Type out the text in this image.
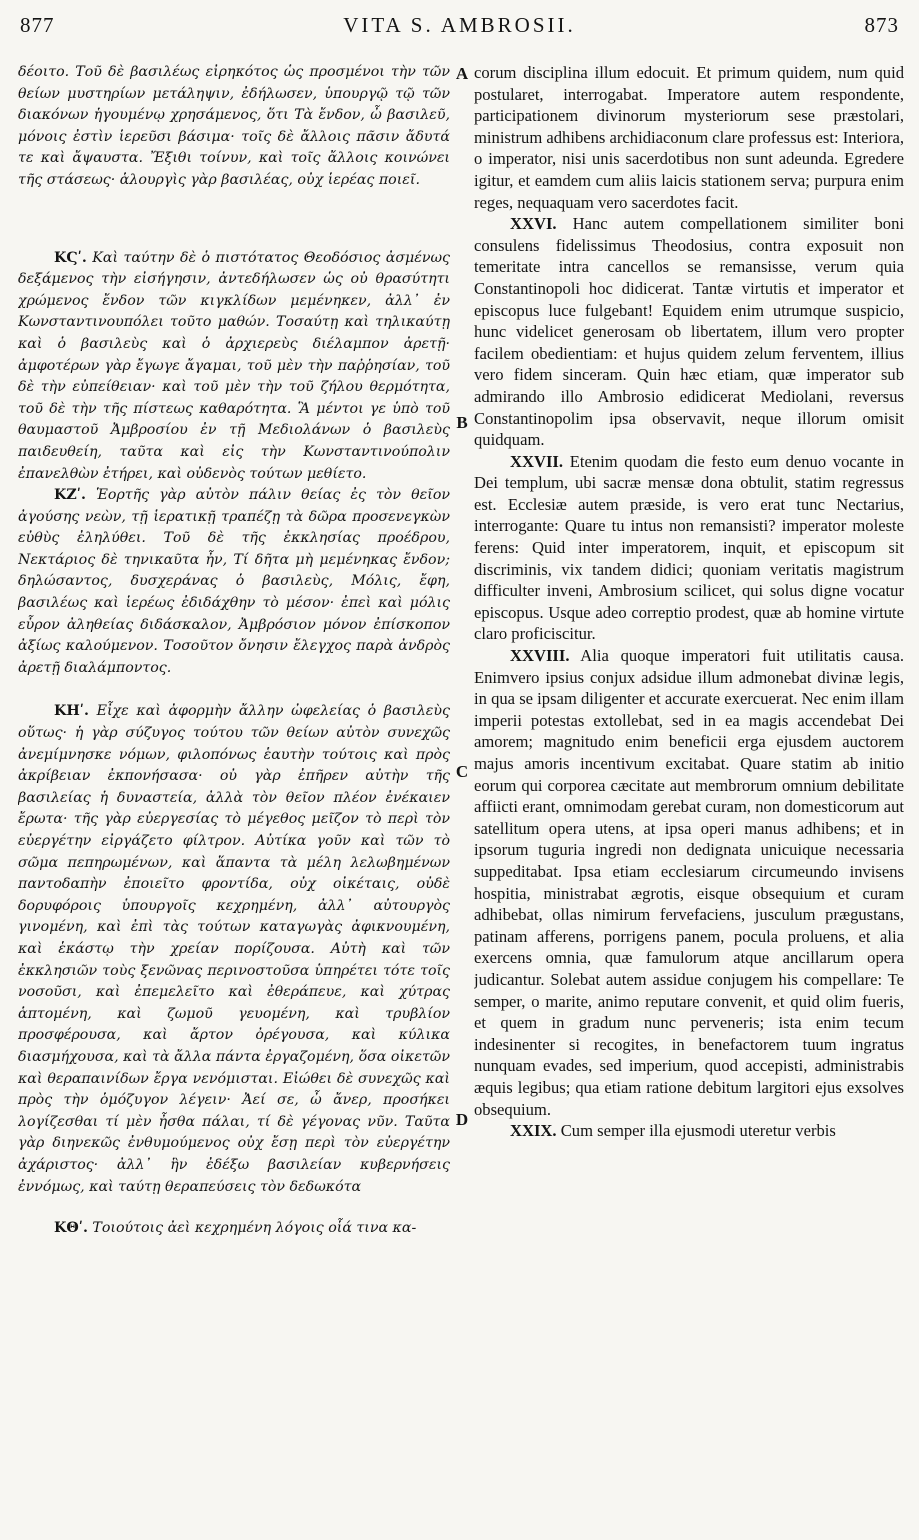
877	VITA S. AMBROSII.	873
A
B
C
D

δέοιτο. Τοῦ δὲ βασιλέως εἰρηκότος ὡς προσμένοι τὴν τῶν θείων μυστηρίων μετάληψιν, ἐδήλωσεν, ὑπουργῷ τῷ τῶν διακόνων ἡγουμένῳ χρησάμενος, ὅτι Τὰ ἔνδον, ὦ βασιλεῦ, μόνοις ἐστὶν ἱερεῦσι βάσιμα· τοῖς δὲ ἄλλοις πᾶσιν ἄδυτά τε καὶ ἄψαυστα. Ἔξιθι τοίνυν, καὶ τοῖς ἄλλοις κοινώνει τῆς στάσεως· ἁλουργὶς γὰρ βασιλέας, οὐχ ἱερέας ποιεῖ.

ΚϚʹ. Καὶ ταύτην δὲ ὁ πιστότατος Θεοδόσιος ἀσμένως δεξάμενος τὴν εἰσήγησιν, ἀντεδήλωσεν ὡς οὐ θρασύτητι χρώμενος ἔνδον τῶν κιγκλίδων μεμένηκεν, ἀλλ᾽ ἐν Κωνσταντινουπόλει τοῦτο μαθών. Τοσαύτῃ καὶ τηλικαύτῃ καὶ ὁ βασιλεὺς καὶ ὁ ἀρχιερεὺς διέλαμπον ἀρετῇ· ἀμφοτέρων γὰρ ἔγωγε ἄγαμαι, τοῦ μὲν τὴν παῤῥησίαν, τοῦ δὲ τὴν εὐπείθειαν· καὶ τοῦ μὲν τὴν τοῦ ζήλου θερμότητα, τοῦ δὲ τὴν τῆς πίστεως καθαρότητα. Ἃ μέντοι γε ὑπὸ τοῦ θαυμαστοῦ Ἀμβροσίου ἐν τῇ Μεδιολάνων ὁ βασιλεὺς παιδευθείη, ταῦτα καὶ εἰς τὴν Κωνσταντινούπολιν ἐπανελθὼν ἐτήρει, καὶ οὐδενὸς τούτων μεθίετο.

ΚΖʹ. Ἑορτῆς γὰρ αὐτὸν πάλιν θείας ἐς τὸν θεῖον ἀγούσης νεὼν, τῇ ἱερατικῇ τραπέζῃ τὰ δῶρα προσενεγκὼν εὐθὺς ἐληλύθει. Τοῦ δὲ τῆς ἐκκλησίας προέδρου, Νεκτάριος δὲ τηνικαῦτα ἦν, Τί δῆτα μὴ μεμένηκας ἔνδον; δηλώσαντος, δυσχεράνας ὁ βασιλεὺς, Μόλις, ἔφη, βασιλέως καὶ ἱερέως ἐδιδάχθην τὸ μέσον· ἐπεὶ καὶ μόλις εὗρον ἀληθείας διδάσκαλον, Ἀμβρόσιον μόνον ἐπίσκοπον ἀξίως καλούμενον. Τοσοῦτον ὄνησιν ἔλεγχος παρὰ ἀνδρὸς ἀρετῇ διαλάμποντος.

ΚΗʹ. Εἶχε καὶ ἀφορμὴν ἄλλην ὠφελείας ὁ βασιλεὺς οὕτως· ἡ γὰρ σύζυγος τούτου τῶν θείων αὐτὸν συνεχῶς ἀνεμίμνησκε νόμων, φιλοπόνως ἑαυτὴν τούτοις καὶ πρὸς ἀκρίβειαν ἐκπονήσασα· οὐ γὰρ ἐπῆρεν αὐτὴν τῆς βασιλείας ἡ δυναστεία, ἀλλὰ τὸν θεῖον πλέον ἐνέκαιεν ἔρωτα· τῆς γὰρ εὐεργεσίας τὸ μέγεθος μεῖζον τὸ περὶ τὸν εὐεργέτην εἰργάζετο φίλτρον. Αὐτίκα γοῦν καὶ τῶν τὸ σῶμα πεπηρωμένων, καὶ ἅπαντα τὰ μέλη λελωβημένων παντοδαπὴν ἐποιεῖτο φροντίδα, οὐχ οἰκέταις, οὐδὲ δορυφόροις ὑπουργοῖς κεχρημένη, ἀλλ᾽ αὐτουργὸς γινομένη, καὶ ἐπὶ τὰς τούτων καταγωγὰς ἀφικνουμένη, καὶ ἑκάστῳ τὴν χρείαν πορίζουσα. Αὐτὴ καὶ τῶν ἐκκλησιῶν τοὺς ξενῶνας περινοστοῦσα ὑπηρέτει τότε τοῖς νοσοῦσι, καὶ ἐπεμελεῖτο καὶ ἐθεράπευε, καὶ χύτρας ἁπτομένη, καὶ ζωμοῦ γευομένη, καὶ τρυβλίον προσφέρουσα, καὶ ἄρτον ὀρέγουσα, καὶ κύλικα διασμήχουσα, καὶ τὰ ἄλλα πάντα ἐργαζομένη, ὅσα οἰκετῶν καὶ θεραπαινίδων ἔργα νενόμισται. Εἰώθει δὲ συνεχῶς καὶ πρὸς τὴν ὁμόζυγον λέγειν· Ἀεί σε, ὦ ἄνερ, προσήκει λογίζεσθαι τί μὲν ἦσθα πάλαι, τί δὲ γέγονας νῦν. Ταῦτα γὰρ διηνεκῶς ἐνθυμούμενος οὐχ ἔσῃ περὶ τὸν εὐεργέτην ἀχάριστος· ἀλλ᾽ ἣν ἐδέξω βασιλείαν κυβερνήσεις ἐννόμως, καὶ ταύτῃ θεραπεύσεις τὸν δεδωκότα

ΚΘʹ. Τοιούτοις ἀεὶ κεχρημένη λόγοις οἷά τινα κα-

corum disciplina illum edocuit. Et primum quidem, num quid postularet, interrogabat. Imperatore autem respondente, participationem divinorum mysteriorum sese præstolari, ministrum adhibens archidiaconum clare professus est: Interiora, o imperator, nisi unis sacerdotibus non sunt adeunda. Egredere igitur, et eamdem cum aliis laicis stationem serva; purpura enim reges, nequaquam vero sacerdotes facit.

XXVI. Hanc autem compellationem similiter boni consulens fidelissimus Theodosius, contra exposuit non temeritate intra cancellos se remansisse, verum quia Constantinopoli hoc didicerat. Tantæ virtutis et imperator et episcopus luce fulgebant! Equidem enim utrumque suspicio, hunc videlicet generosam ob libertatem, illum vero propter facilem obedientiam: et hujus quidem zelum ferventem, illius vero fidem sinceram. Quin hæc etiam, quæ imperator sub admirando illo Ambrosio edidicerat Mediolani, reversus Constantinopolim ipsa observavit, neque illorum omisit quidquam.

XXVII. Etenim quodam die festo eum denuo vocante in Dei templum, ubi sacræ mensæ dona obtulit, statim regressus est. Ecclesiæ autem præside, is vero erat tunc Nectarius, interrogante: Quare tu intus non remansisti? imperator moleste ferens: Quid inter imperatorem, inquit, et episcopum sit discriminis, vix tandem didici; quoniam veritatis magistrum difficulter inveni, Ambrosium scilicet, qui solus digne vocatur episcopus. Usque adeo correptio prodest, quæ ab homine virtute claro proficiscitur.

XXVIII. Alia quoque imperatori fuit utilitatis causa. Enimvero ipsius conjux adsidue illum admonebat divinæ legis, in qua se ipsam diligenter et accurate exercuerat. Nec enim illam imperii potestas extollebat, sed in ea magis accendebat Dei amorem; magnitudo enim beneficii erga ejusdem auctorem majus amoris incentivum excitabat. Quare statim ab initio eorum qui corporea cæcitate aut membrorum omnium debilitate affiicti erant, omnimodam gerebat curam, non domesticorum aut satellitum opera utens, at ipsa operi manus adhibens; et in ipsorum tuguria ingredi non dedignata unicuique necessaria suppeditabat. Ipsa etiam ecclesiarum circumeundo invisens hospitia, ministrabat ægrotis, eisque obsequium et curam adhibebat, ollas nimirum fervefaciens, jusculum prægustans, patinam afferens, porrigens panem, pocula proluens, et alia exercens omnia, quæ famulorum atque ancillarum opera judicantur. Solebat autem assidue conjugem his compellare: Te semper, o marite, animo reputare convenit, et quid olim fueris, et quem in gradum nunc perveneris; ista enim tecum indesinenter si recogites, in benefactorem tuum ingratus nunquam evades, sed imperium, quod accepisti, administrabis æquis legibus; qua etiam ratione debitum largitori ejus exsolves obsequium.

XXIX. Cum semper illa ejusmodi uteretur verbis
